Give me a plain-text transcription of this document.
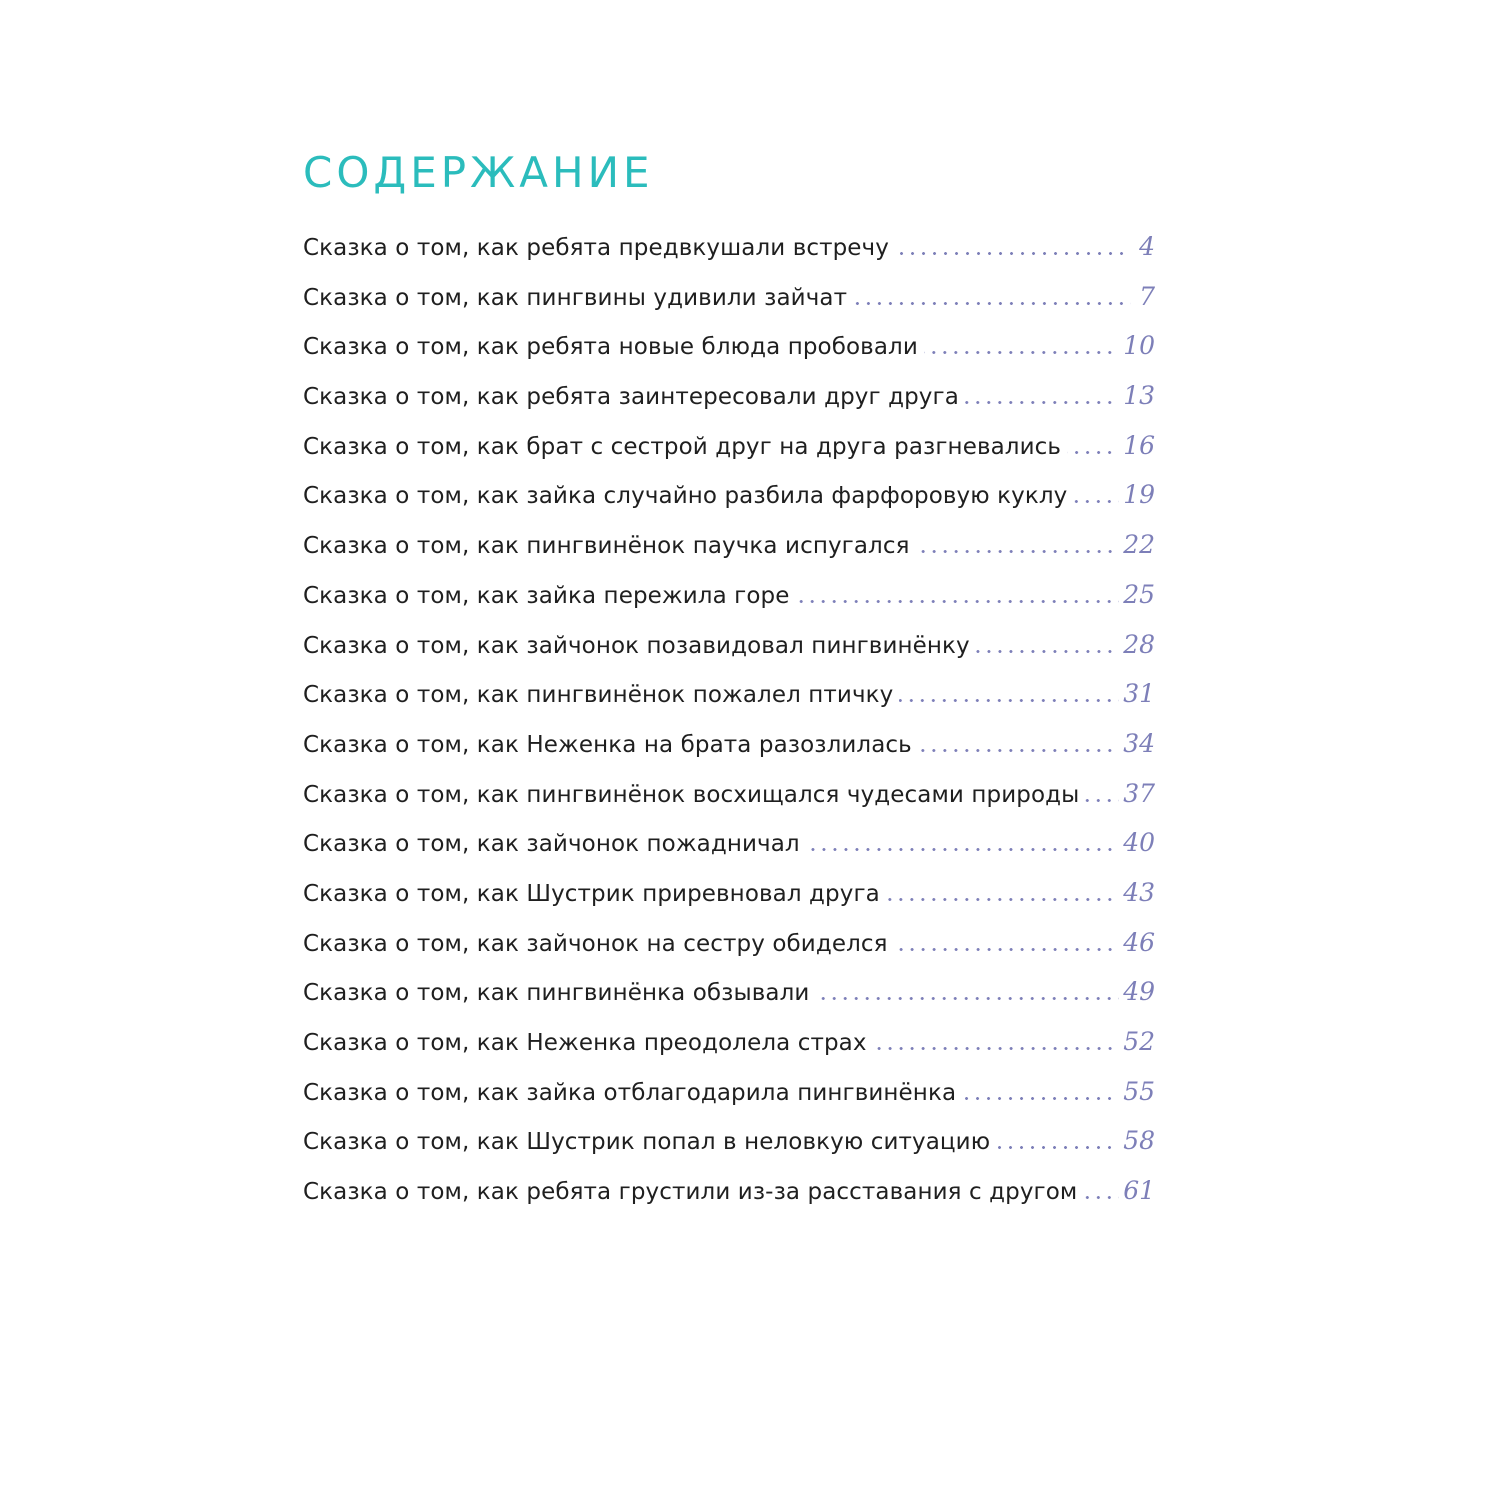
СОДЕРЖАНИЕ
Сказка о том, как ребята предвкушали встречу	4
Сказка о том, как пингвины удивили зайчат	7
Сказка о том, как ребята новые блюда пробовали	10
Сказка о том, как ребята заинтересовали друг друга	13
Сказка о том, как брат с сестрой друг на друга разгневались 16
Сказка о том, как зайка случайно разбила фарфоровую куклу 19
Сказка о том, как пингвинёнок паучка испугался	22
Сказка о том, как зайка пережила горе	25
Сказка о том, как зайчонок позавидовал пингвинёнку	28
Сказка о том, как пингвинёнок пожалел птичку	31
Сказка о том, как Неженка на брата разозлилась	34
Сказка о том, как пингвинёнок восхищался чудесами природы 37
Сказка о том, как зайчонок пожадничал	40
Сказка о том, как Шустрик приревновал друга	43
Сказка о том, как зайчонок на сестру обиделся	46
Сказка о том, как пингвинёнка обзывали	49
Сказка о том, как Неженка преодолела страх	52
Сказка о том, как зайка отблагодарила пингвинёнка	55
Сказка о том, как Шустрик попал в неловкую ситуацию	58
Сказка о том, как ребята грустили из-за расставания с другом 61
